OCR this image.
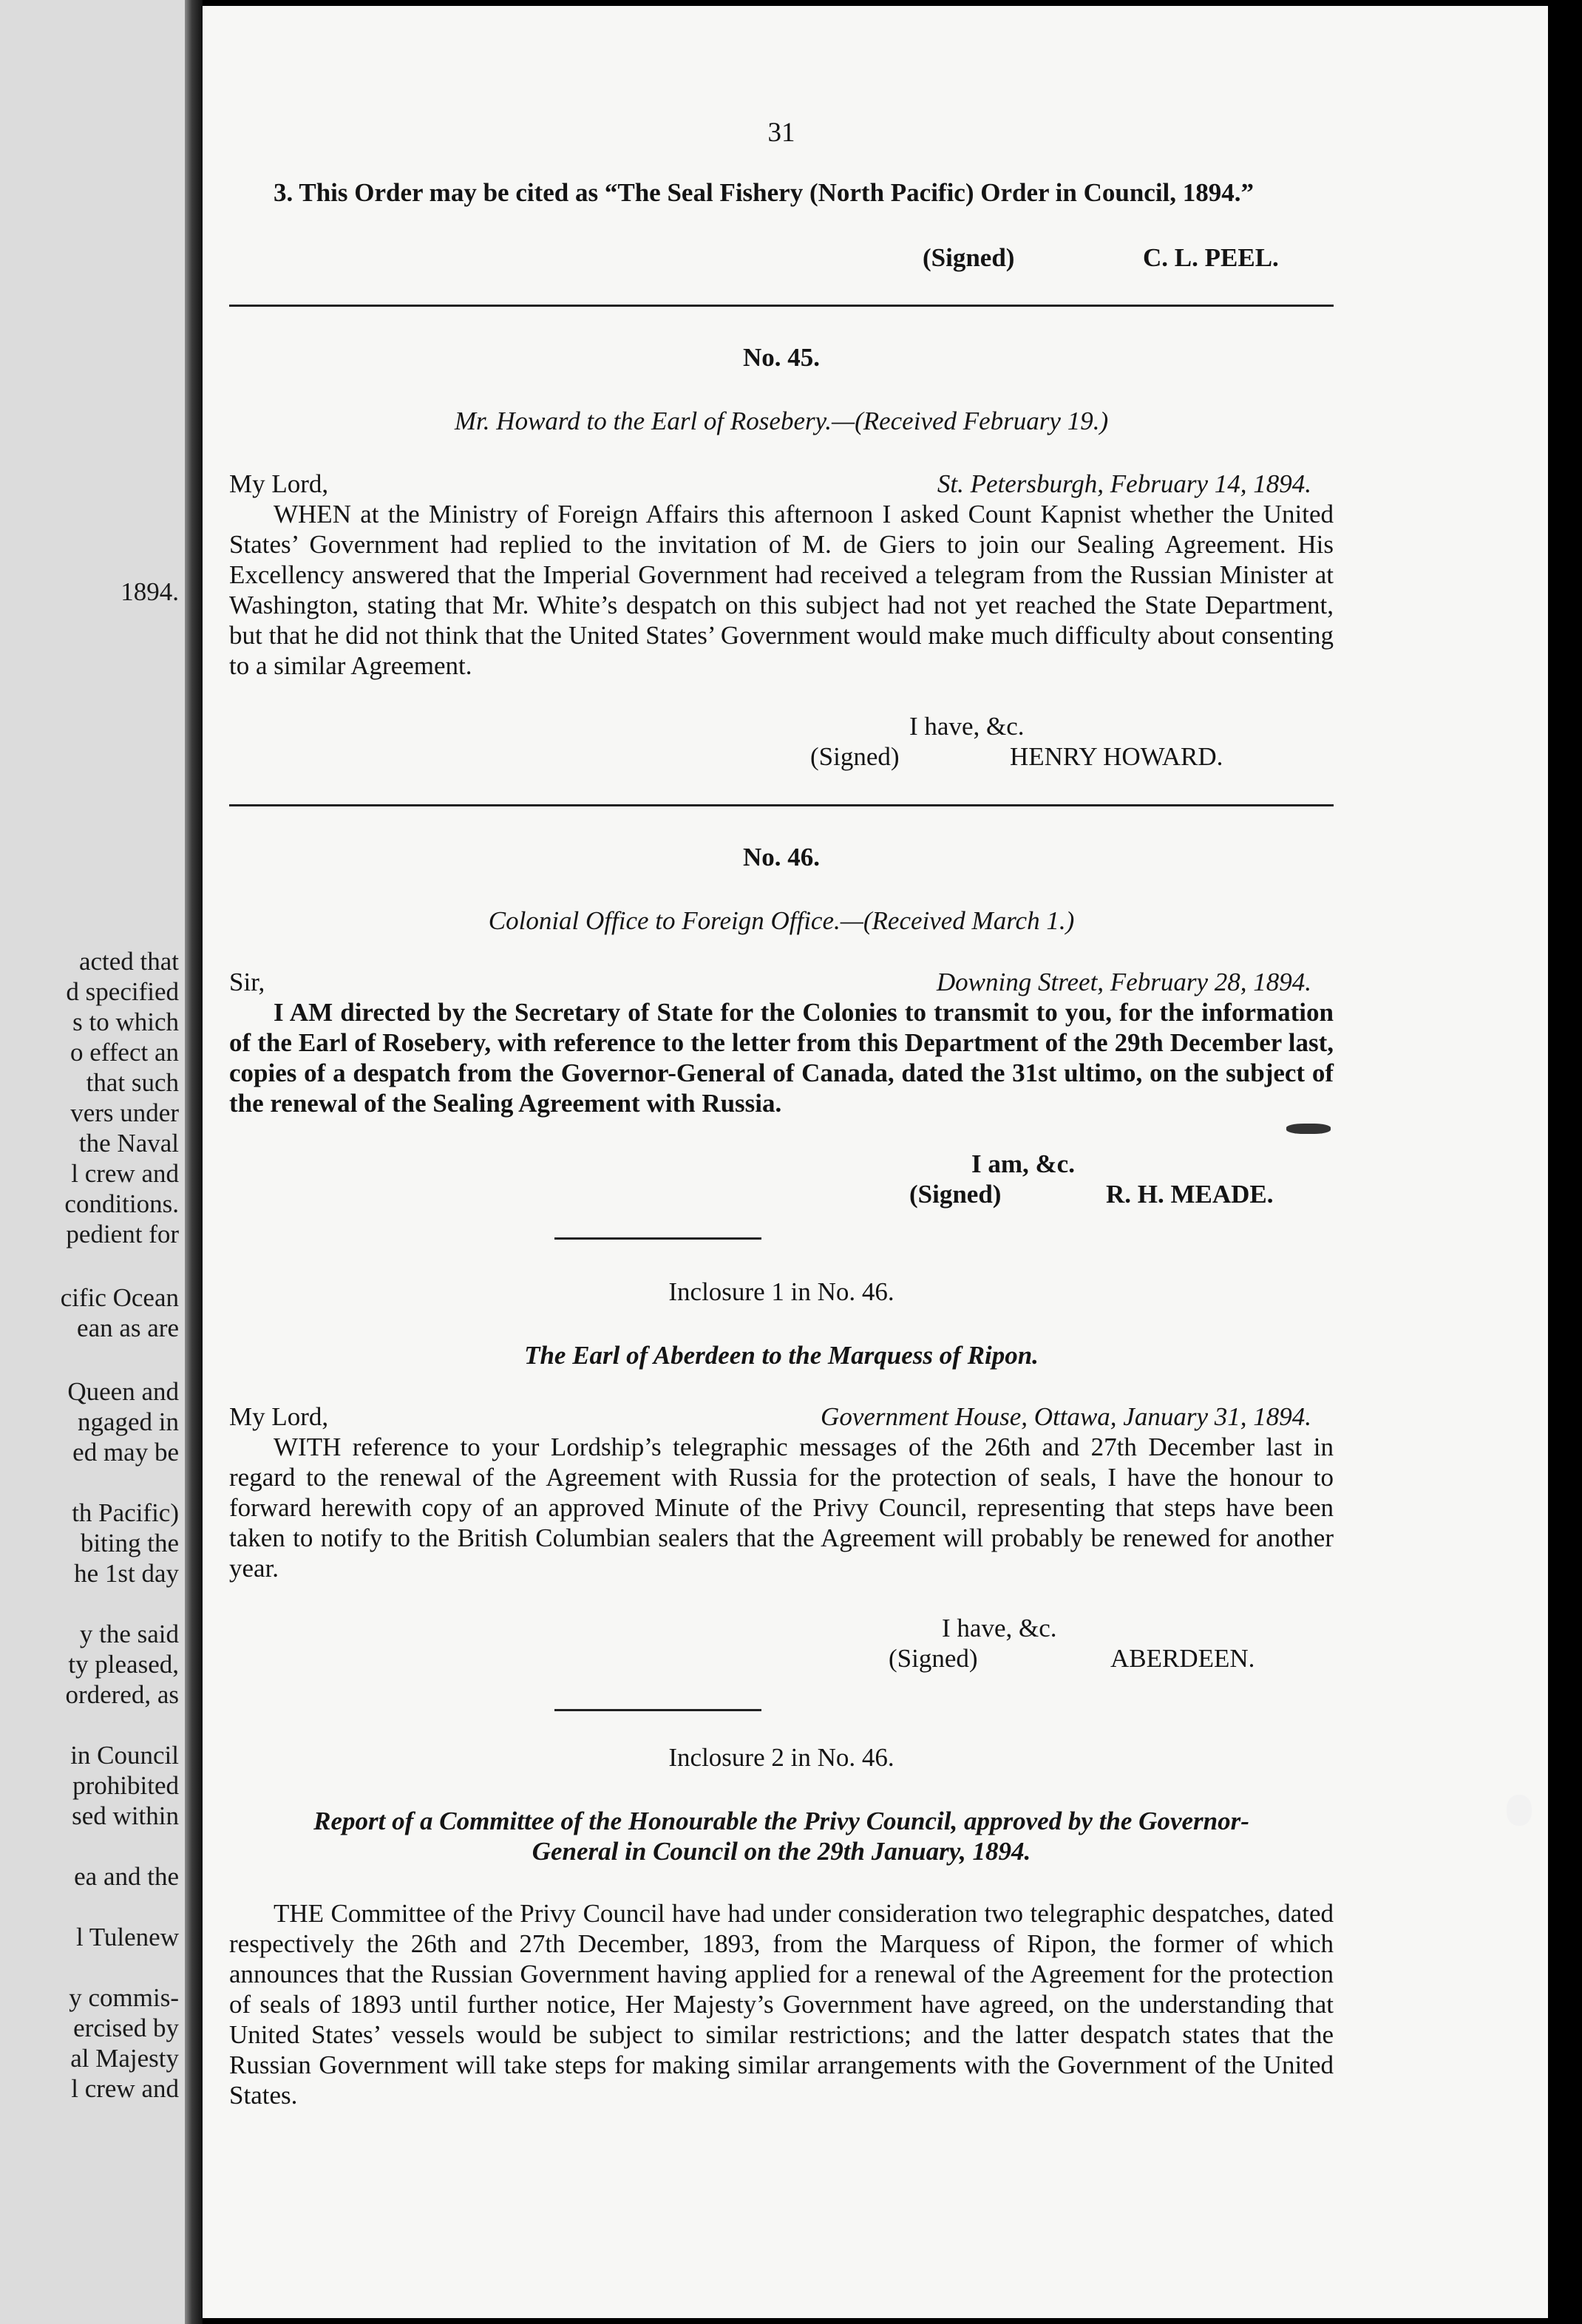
1894.
acted that
d specified
s to which
o effect an
that such
vers under
the Naval
l crew and
conditions.
pedient for
cific Ocean
ean as are
Queen and
ngaged in
ed may be
th Pacific)
biting the
he 1st day
y the said
ty pleased,
ordered, as
in Council
prohibited
sed within
ea and the
l Tulenew
y commis-
ercised by
al Majesty
l crew and
31

3. This Order may be cited as “The Seal Fishery (North Pacific) Order in Council, 1894.”

(Signed)	C. L. PEEL.
No. 45.
Mr. Howard to the Earl of Rosebery.—(Received February 19.)
My Lord,	St. Petersburgh, February 14, 1894.

WHEN at the Ministry of Foreign Affairs this afternoon I asked Count Kapnist whether the United States’ Government had replied to the invitation of M. de Giers to join our Sealing Agreement. His Excellency answered that the Imperial Government had received a telegram from the Russian Minister at Washington, stating that Mr. White’s despatch on this subject had not yet reached the State Department, but that he did not think that the United States’ Government would make much difficulty about consenting to a similar Agreement.

I have, &c.
(Signed)	HENRY HOWARD.
No. 46.
Colonial Office to Foreign Office.—(Received March 1.)
Sir,	Downing Street, February 28, 1894.

I AM directed by the Secretary of State for the Colonies to transmit to you, for the information of the Earl of Rosebery, with reference to the letter from this Department of the 29th December last, copies of a despatch from the Governor-General of Canada, dated the 31st ultimo, on the subject of the renewal of the Sealing Agreement with Russia.

I am, &c.
(Signed)	R. H. MEADE.
Inclosure 1 in No. 46.
The Earl of Aberdeen to the Marquess of Ripon.
My Lord,	Government House, Ottawa, January 31, 1894.

WITH reference to your Lordship’s telegraphic messages of the 26th and 27th December last in regard to the renewal of the Agreement with Russia for the protection of seals, I have the honour to forward herewith copy of an approved Minute of the Privy Council, representing that steps have been taken to notify to the British Columbian sealers that the Agreement will probably be renewed for another year.

I have, &c.
(Signed)	ABERDEEN.
Inclosure 2 in No. 46.
Report of a Committee of the Honourable the Privy Council, approved by the Governor-
General in Council on the 29th January, 1894.

THE Committee of the Privy Council have had under consideration two telegraphic despatches, dated respectively the 26th and 27th December, 1893, from the Marquess of Ripon, the former of which announces that the Russian Government having applied for a renewal of the Agreement for the protection of seals of 1893 until further notice, Her Majesty’s Government have agreed, on the understanding that United States’ vessels would be subject to similar restrictions; and the latter despatch states that the Russian Government will take steps for making similar arrangements with the Government of the United States.
